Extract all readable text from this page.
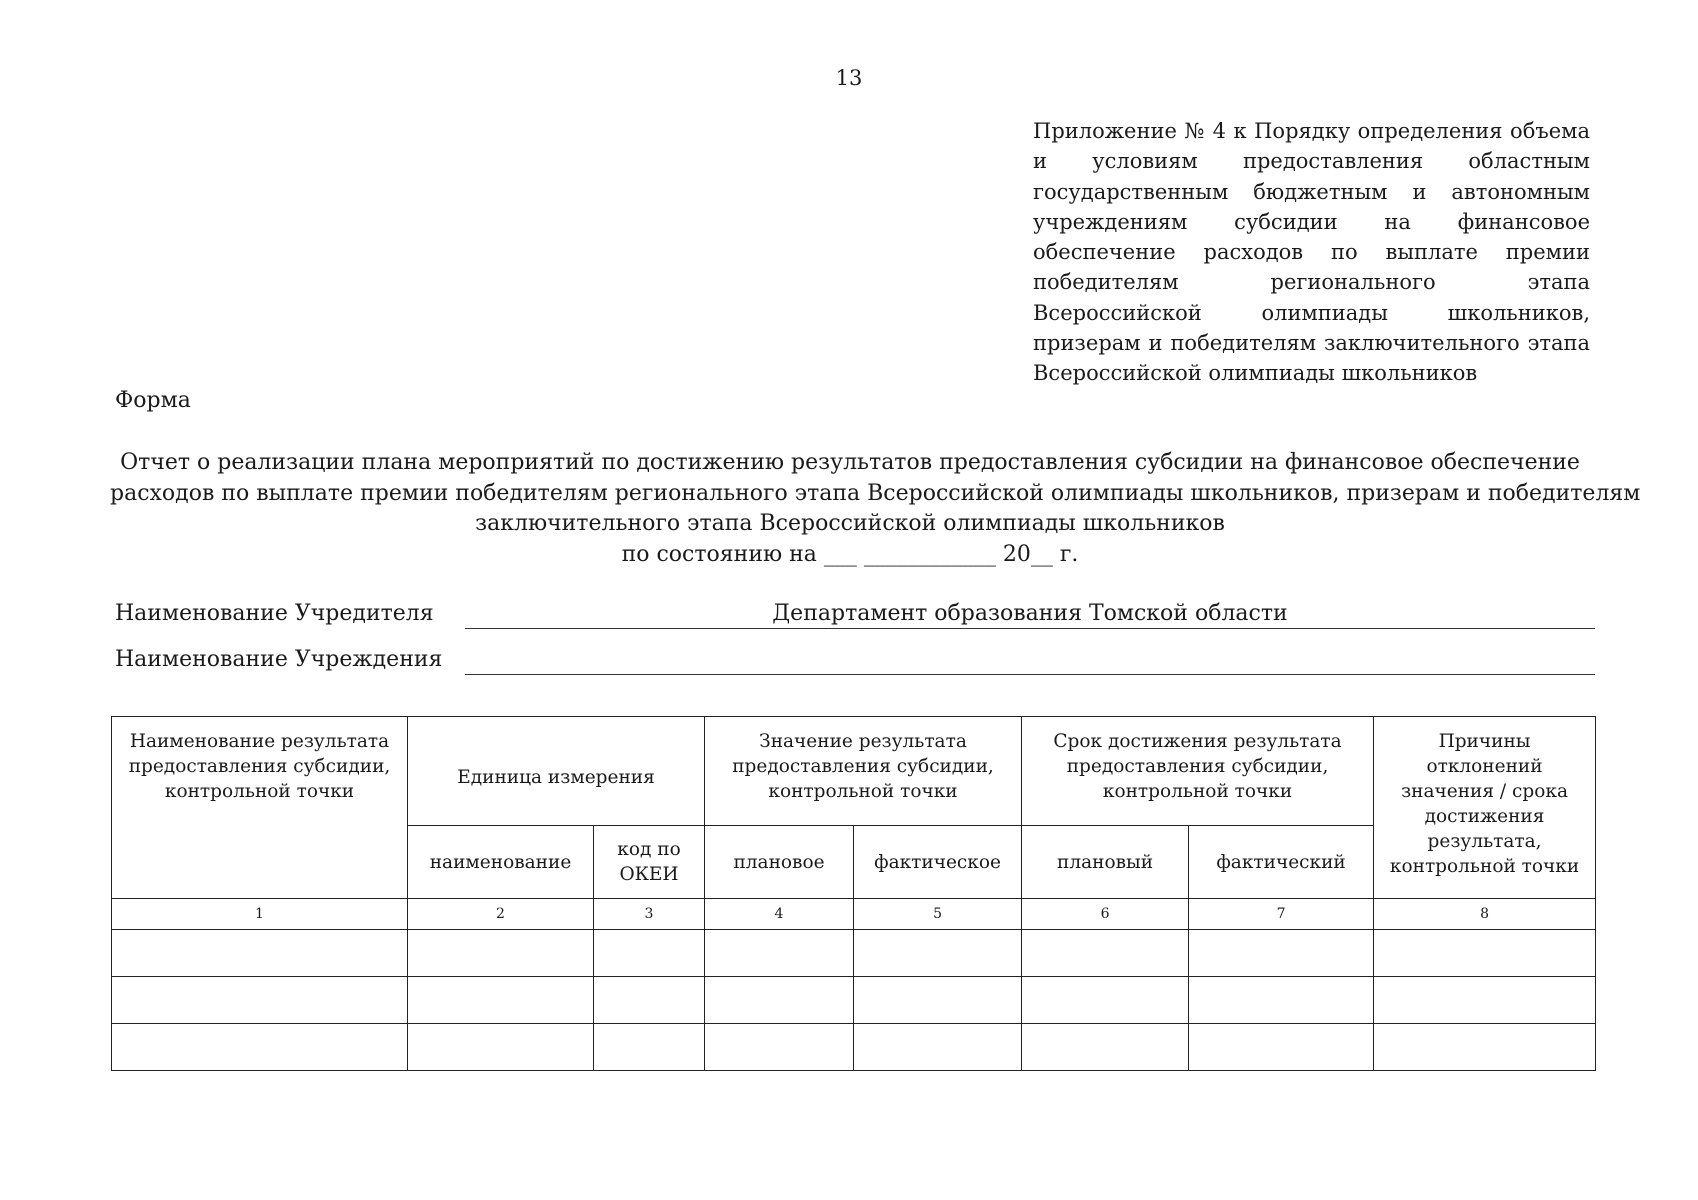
13
Приложение № 4 к Порядку определения объема и условиям предоставления областным государственным бюджетным и автономным учреждениям субсидии на финансовое обеспечение расходов по выплате премии победителям регионального этапа Всероссийской олимпиады школьников, призерам и победителям заключительного этапа Всероссийской олимпиады школьников
Форма
Отчет о реализации плана мероприятий по достижению результатов предоставления субсидии на финансовое обеспечение
расходов по выплате премии победителям регионального этапа Всероссийской олимпиады школьников, призерам и победителям
заключительного этапа Всероссийской олимпиады школьников
по состоянию на ___ ____________ 20__ г.
Наименование Учредителя	Департамент образования Томской области
Наименование Учреждения
Наименование результата предоставления субсидии, контрольной точки	Единица измерения		Значение результата предоставления субсидии, контрольной точки		Срок достижения результата предоставления субсидии, контрольной точки		Причины отклонений значения / срока достижения результата, контрольной точки
	наименование	код по ОКЕИ	плановое	фактическое	плановый	фактический	
1	2	3	4	5	6	7	8
